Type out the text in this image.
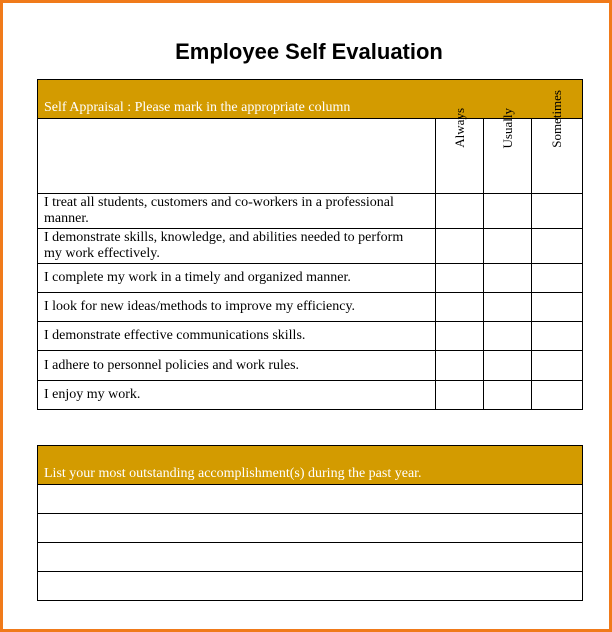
Employee Self Evaluation
Self Appraisal : Please mark in the appropriate column			

	Always	Usually	Sometimes

I treat all students, customers and co-workers in a professional
manner.			
I demonstrate skills, knowledge, and abilities needed to perform
my work effectively.			
I complete my work in a timely and organized manner.			
I look for new ideas/methods to improve my efficiency.			
I demonstrate effective communications skills.			
I adhere to personnel policies and work rules.			
I enjoy my work.			
List your most outstanding accomplishment(s) during the past year.
